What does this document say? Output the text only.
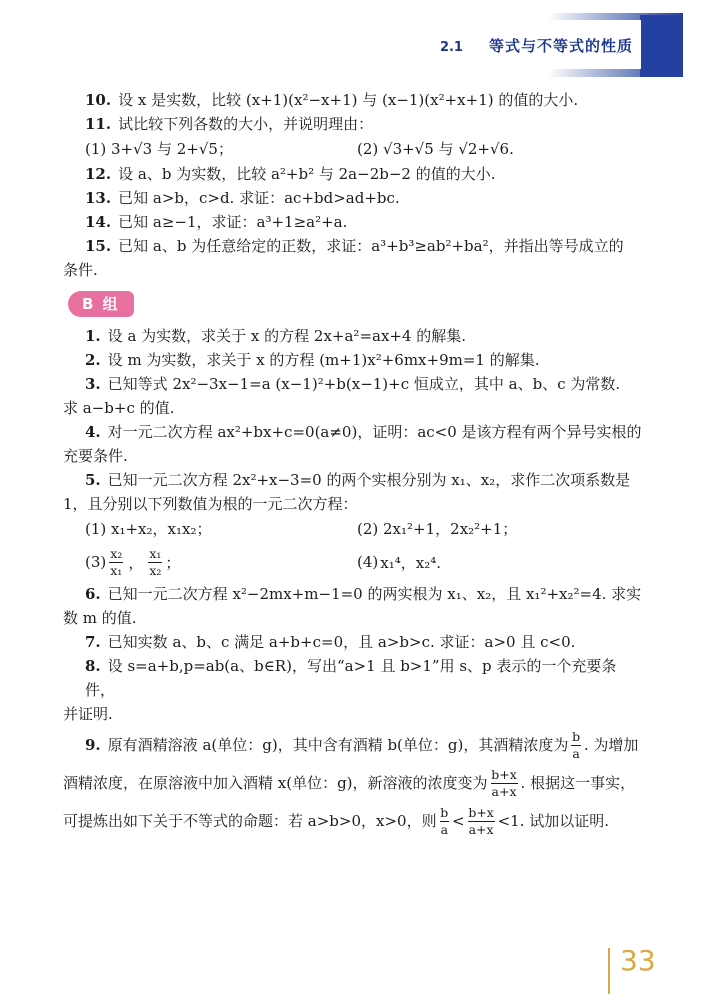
2.1 等式与不等式的性质
10. 设 x 是实数，比较 (x+1)(x²−x+1) 与 (x−1)(x²+x+1) 的值的大小.
11. 试比较下列各数的大小，并说明理由：
(1) 3+√3 与 2+√5；	(2) √3+√5 与 √2+√6.
12. 设 a、b 为实数，比较 a²+b² 与 2a−2b−2 的值的大小.
13. 已知 a>b，c>d. 求证：ac+bd>ad+bc.
14. 已知 a≥−1，求证：a³+1≥a²+a.
15. 已知 a、b 为任意给定的正数，求证：a³+b³≥ab²+ba²，并指出等号成立的
条件.
B 组
1. 设 a 为实数，求关于 x 的方程 2x+a²=ax+4 的解集.
2. 设 m 为实数，求关于 x 的方程 (m+1)x²+6mx+9m=1 的解集.
3. 已知等式 2x²−3x−1=a (x−1)²+b(x−1)+c 恒成立，其中 a、b、c 为常数.
求 a−b+c 的值.
4. 对一元二次方程 ax²+bx+c=0(a≠0)，证明：ac<0 是该方程有两个异号实根的
充要条件.
5. 已知一元二次方程 2x²+x−3=0 的两个实根分别为 x₁、x₂，求作二次项系数是
1，且分别以下列数值为根的一元二次方程：
(1) x₁+x₂，x₁x₂；	(2) 2x₁²+1，2x₂²+1；
$(3) \frac{\text{x₂}}{\text{x₁}}$ ， $\frac{\text{x₁}}{\text{x₂}}$ ；	(4) x₁⁴，x₂⁴.
6. 已知一元二次方程 x²−2mx+m−1=0 的两实根为 x₁、x₂，且 x₁²+x₂²=4. 求实
数 m 的值.
7. 已知实数 a、b、c 满足 a+b+c=0，且 a>b>c. 求证：a>0 且 c<0.
8. 设 s=a+b,p=ab(a、b∈R)，写出“a>1 且 b>1”用 s、p 表示的一个充要条件，
并证明.
9. 原有酒精溶液 a(单位：g)，其中含有酒精 b(单位：g)，其酒精浓度为 $\frac{b}{a}$ . 为增加
酒精浓度，在原溶液中加入酒精 x(单位：g)，新溶液的浓度变为 $\frac{b+x}{a+x}$ . 根据这一事实，
可提炼出如下关于不等式的命题：若 a>b>0，x>0，则 $\frac{b}{a} < \frac{b+x}{a+x} <1$. 试加以证明.
33
